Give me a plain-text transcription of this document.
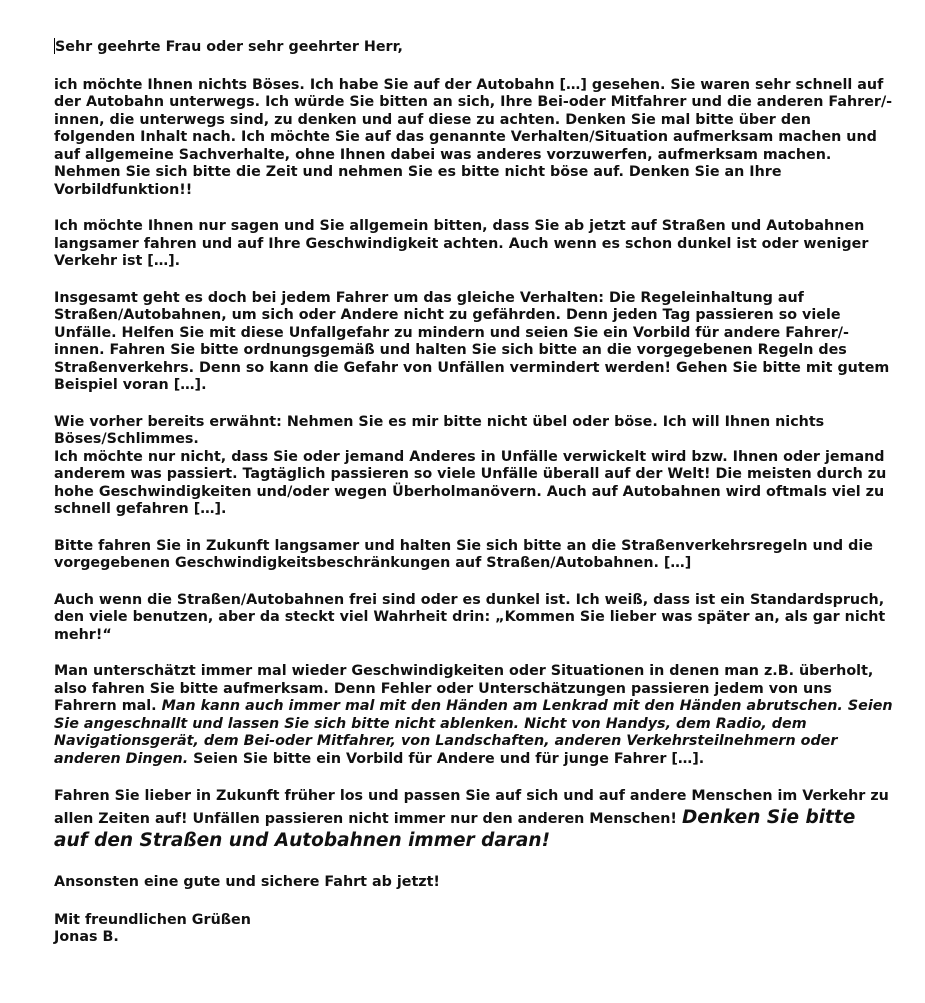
Sehr geehrte Frau oder sehr geehrter Herr,

ich möchte Ihnen nichts Böses. Ich habe Sie auf der Autobahn […] gesehen. Sie waren sehr schnell auf der Autobahn unterwegs. Ich würde Sie bitten an sich, Ihre Bei-oder Mitfahrer und die anderen Fahrer/-innen, die unterwegs sind, zu denken und auf diese zu achten. Denken Sie mal bitte über den folgenden Inhalt nach. Ich möchte Sie auf das genannte Verhalten/Situation aufmerksam machen und auf allgemeine Sachverhalte, ohne Ihnen dabei was anderes vorzuwerfen, aufmerksam machen. Nehmen Sie sich bitte die Zeit und nehmen Sie es bitte nicht böse auf. Denken Sie an Ihre Vorbildfunktion!!

Ich möchte Ihnen nur sagen und Sie allgemein bitten, dass Sie ab jetzt auf Straßen und Autobahnen langsamer fahren und auf Ihre Geschwindigkeit achten. Auch wenn es schon dunkel ist oder weniger Verkehr ist […].

Insgesamt geht es doch bei jedem Fahrer um das gleiche Verhalten: Die Regeleinhaltung auf Straßen/Autobahnen, um sich oder Andere nicht zu gefährden. Denn jeden Tag passieren so viele Unfälle. Helfen Sie mit diese Unfallgefahr zu mindern und seien Sie ein Vorbild für andere Fahrer/-innen. Fahren Sie bitte ordnungsgemäß und halten Sie sich bitte an die vorgegebenen Regeln des Straßenverkehrs. Denn so kann die Gefahr von Unfällen vermindert werden! Gehen Sie bitte mit gutem Beispiel voran […].

Wie vorher bereits erwähnt: Nehmen Sie es mir bitte nicht übel oder böse. Ich will Ihnen nichts Böses/Schlimmes.
Ich möchte nur nicht, dass Sie oder jemand Anderes in Unfälle verwickelt wird bzw. Ihnen oder jemand anderem was passiert. Tagtäglich passieren so viele Unfälle überall auf der Welt! Die meisten durch zu hohe Geschwindigkeiten und/oder wegen Überholmanövern. Auch auf Autobahnen wird oftmals viel zu schnell gefahren […].

Bitte fahren Sie in Zukunft langsamer und halten Sie sich bitte an die Straßenverkehrsregeln und die vorgegebenen Geschwindigkeitsbeschränkungen auf Straßen/Autobahnen. […]

Auch wenn die Straßen/Autobahnen frei sind oder es dunkel ist. Ich weiß, dass ist ein Standardspruch, den viele benutzen, aber da steckt viel Wahrheit drin: „Kommen Sie lieber was später an, als gar nicht mehr!“

Man unterschätzt immer mal wieder Geschwindigkeiten oder Situationen in denen man z.B. überholt, also fahren Sie bitte aufmerksam. Denn Fehler oder Unterschätzungen passieren jedem von uns Fahrern mal. Man kann auch immer mal mit den Händen am Lenkrad mit den Händen abrutschen. Seien Sie angeschnallt und lassen Sie sich bitte nicht ablenken. Nicht von Handys, dem Radio, dem Navigationsgerät, dem Bei-oder Mitfahrer, von Landschaften, anderen Verkehrsteilnehmern oder anderen Dingen. Seien Sie bitte ein Vorbild für Andere und für junge Fahrer […].

Fahren Sie lieber in Zukunft früher los und passen Sie auf sich und auf andere Menschen im Verkehr zu allen Zeiten auf! Unfällen passieren nicht immer nur den anderen Menschen! Denken Sie bitte auf den Straßen und Autobahnen immer daran!

Ansonsten eine gute und sichere Fahrt ab jetzt!

Mit freundlichen Grüßen
Jonas B.
